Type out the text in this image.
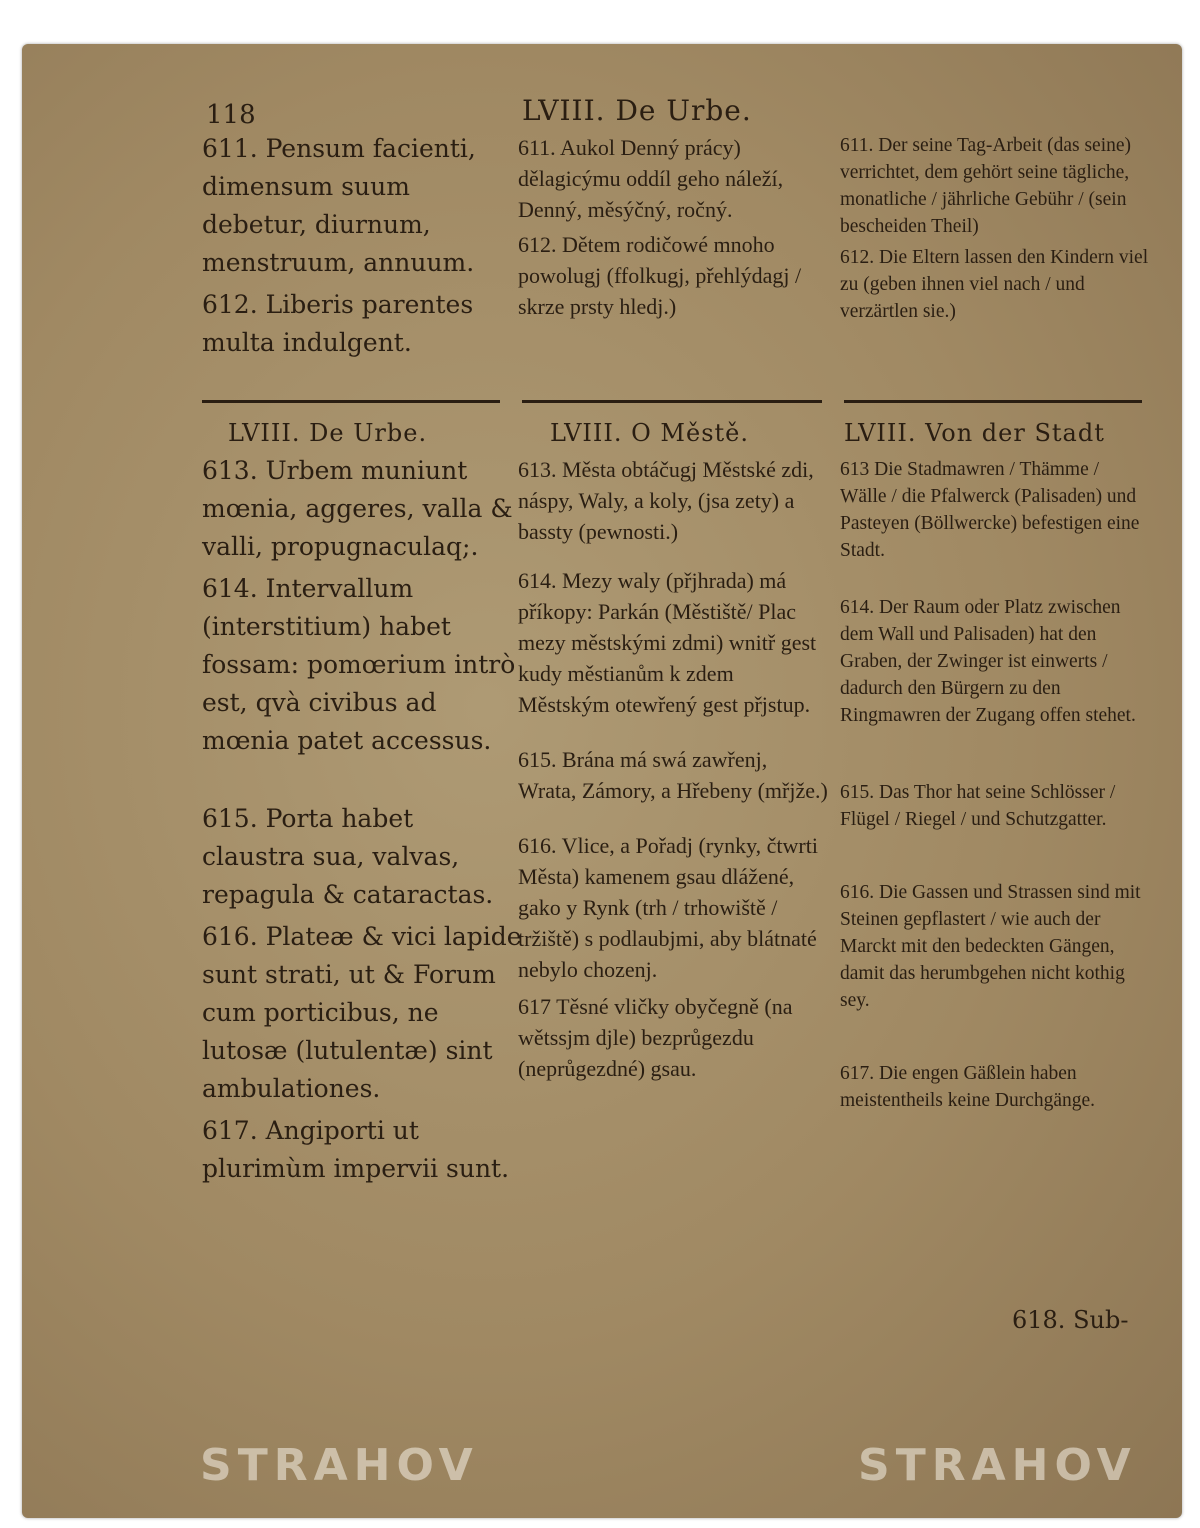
118	LVIII. De Urbe.

611. Pensum facienti, dimensum suum debetur, diurnum, menstruum, annuum.

612. Liberis parentes multa indulgent.

611. Aukol Denný prácy) dělagicýmu oddíl geho náleží, Denný, měsýčný, ročný.

612. Dětem rodičowé mnoho powolugj (ffolkugj, přehlýdagj / skrze prsty hledj.)

611. Der seine Tag-Arbeit (das seine) verrichtet, dem gehört seine tägliche, monatliche / jährliche Gebühr / (sein bescheiden Theil)

612. Die Eltern lassen den Kindern viel zu (geben ihnen viel nach / und verzärtlen sie.)

LVIII. De Urbe.	LVIII. O Městě.	LVIII. Von der Stadt

613. Urbem muniunt mœnia, aggeres, valla & valli, propugnaculaq;.

614. Intervallum (interstitium) habet fossam: pomœrium intrò est, qvà civibus ad mœnia patet accessus.

615. Porta habet claustra sua, valvas, repagula & cataractas.

616. Plateæ & vici lapide sunt strati, ut & Forum cum porticibus, ne lutosæ (lutulentæ) sint ambulationes.

617. Angiporti ut plurimùm impervii sunt.

613. Města obtáčugj Městské zdi, náspy, Waly, a koly, (jsa zety) a bassty (pewnosti.)

614. Mezy waly (přjhrada) má příkopy: Parkán (Městiště/ Plac mezy městskými zdmi) wnitř gest kudy městianům k zdem Městským otewřený gest přjstup.

615. Brána má swá zawřenj, Wrata, Zámory, a Hřebeny (mřjže.)

616. Vlice, a Pořadj (rynky, čtwrti Města) kamenem gsau dlážené, gako y Rynk (trh / trhowiště / tržiště) s podlaubjmi, aby blátnaté nebylo chozenj.

617 Těsné vličky obyčegně (na wětssjm djle) bezprůgezdu (neprůgezdné) gsau.

613 Die Stadmawren / Thämme / Wälle / die Pfalwerck (Palisaden) und Pasteyen (Böllwercke) befestigen eine Stadt.

614. Der Raum oder Platz zwischen dem Wall und Palisaden) hat den Graben, der Zwinger ist einwerts / dadurch den Bürgern zu den Ringmawren der Zugang offen stehet.

615. Das Thor hat seine Schlösser / Flügel / Riegel / und Schutzgatter.

616. Die Gassen und Strassen sind mit Steinen gepflastert / wie auch der Marckt mit den bedeckten Gängen, damit das herumbgehen nicht kothig sey.

617. Die engen Gäßlein haben meistentheils keine Durchgänge.

618. Sub-
STRAHOV	STRAHOV
